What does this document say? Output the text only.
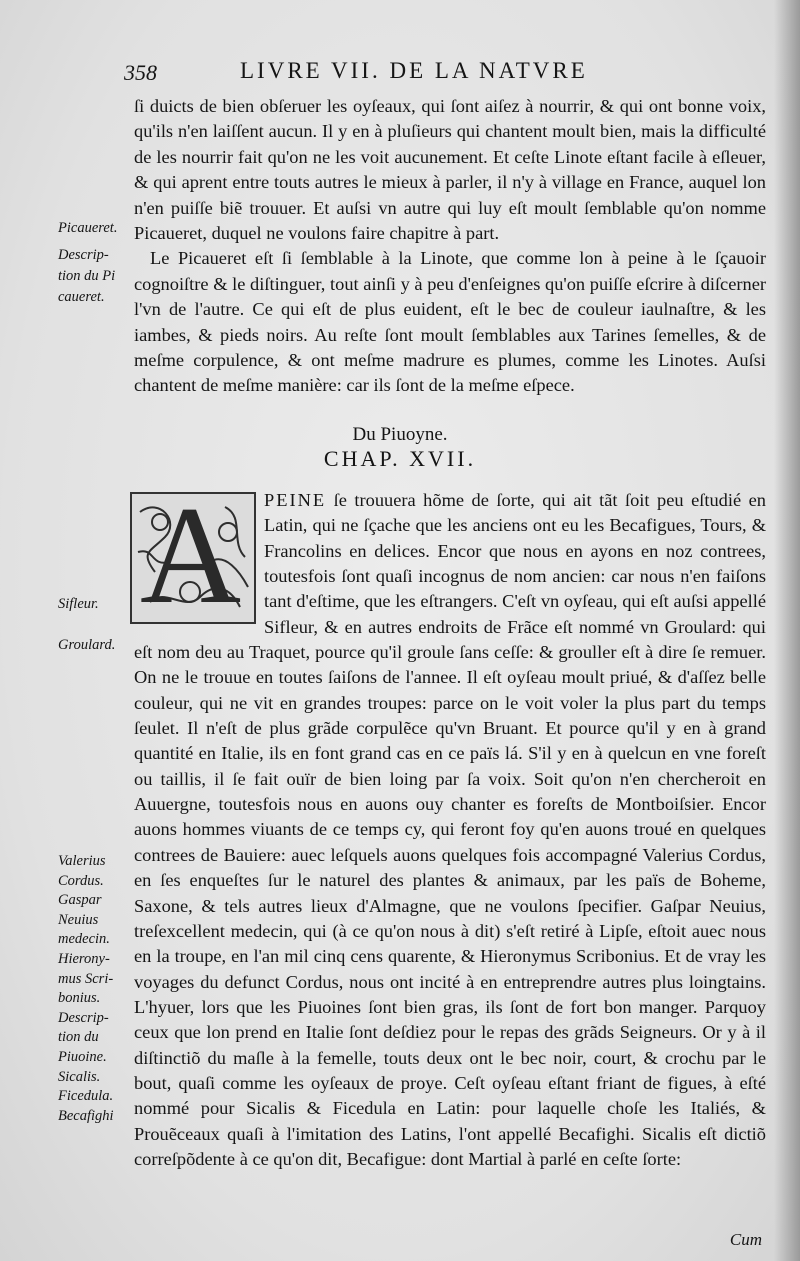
358	LIVRE VII. DE LA NATVRE

Picaueret.

Descrip-

tion du Pi

caueret.

Sifleur.

Groulard.

Valerius

Cordus.

Gaspar

Neuius

medecin.

Hierony-

mus Scri-

bonius.

Descrip-

tion du

Piuoine.

Sicalis.

Ficedula.

Becafighi

ſi duicts de bien obſeruer les oyſeaux, qui ſont aiſez à nourrir, & qui ont bonne voix, qu'ils n'en laiſſent aucun. Il y en à pluſieurs qui chantent moult bien, mais la difficulté de les nourrir fait qu'on ne les voit aucunement. Et ceſte Linote eſtant facile à eſleuer, & qui aprent entre touts autres le mieux à parler, il n'y à village en France, auquel lon n'en puiſſe biẽ trouuer. Et auſsi vn autre qui luy eſt moult ſemblable qu'on nomme Picaueret, duquel ne voulons faire chapitre à part.

Le Picaueret eſt ſi ſemblable à la Linote, que comme lon à peine à le ſçauoir cognoiſtre & le diſtinguer, tout ainſi y à peu d'enſeignes qu'on puiſſe eſcrire à diſcerner l'vn de l'autre. Ce qui eſt de plus euident, eſt le bec de couleur iaulnaſtre, & les iambes, & pieds noirs. Au reſte ſont moult ſemblables aux Tarines ſemelles, & de meſme corpulence, & ont meſme madrure es plumes, comme les Linotes. Auſsi chantent de meſme manière: car ils ſont de la meſme eſpece.

Du Piuoyne.
CHAP. XVII.
A PEINE ſe trouuera hõme de ſorte, qui ait tãt ſoit peu eſtudié en Latin, qui ne ſçache que les anciens ont eu les Becafigues, Tours, & Francolins en delices. Encor que nous en ayons en noz contrees, toutesfois ſont quaſi incognus de nom ancien: car nous n'en faiſons tant d'eſtime, que les eſtrangers. C'eſt vn oyſeau, qui eſt auſsi appellé Sifleur, & en autres endroits de Frãce eſt nommé vn Groulard: qui eſt nom deu au Traquet, pource qu'il groule ſans ceſſe: & grouller eſt à dire ſe remuer. On ne le trouue en toutes ſaiſons de l'annee. Il eſt oyſeau moult priué, & d'aſſez belle couleur, qui ne vit en grandes troupes: parce on le voit voler la plus part du temps ſeulet. Il n'eſt de plus grãde corpulẽce qu'vn Bruant. Et pource qu'il y en à grand quantité en Italie, ils en font grand cas en ce païs lá. S'il y en à quelcun en vne foreſt ou taillis, il ſe fait ouïr de bien loing par ſa voix. Soit qu'on n'en chercheroit en Auuergne, toutesfois nous en auons ouy chanter es foreſts de Montboiſsier. Encor auons hommes viuants de ce temps cy, qui feront foy qu'en auons troué en quelques contrees de Bauiere: auec leſquels auons quelques fois accompagné Valerius Cordus, en ſes enqueſtes ſur le naturel des plantes & animaux, par les païs de Boheme, Saxone, & tels autres lieux d'Almagne, que ne voulons ſpecifier. Gaſpar Neuius, treſexcellent medecin, qui (à ce qu'on nous à dit) s'eſt retiré à Lipſe, eſtoit auec nous en la troupe, en l'an mil cinq cens quarente, & Hieronymus Scribonius. Et de vray les voyages du defunct Cordus, nous ont incité à en entreprendre autres plus loingtains. L'hyuer, lors que les Piuoines ſont bien gras, ils ſont de fort bon manger. Parquoy ceux que lon prend en Italie ſont deſdiez pour le repas des grãds Seigneurs. Or y à il diſtinctiõ du maſle à la femelle, touts deux ont le bec noir, court, & crochu par le bout, quaſi comme les oyſeaux de proye. Ceſt oyſeau eſtant friant de figues, à eſté nommé pour Sicalis & Ficedula en Latin: pour laquelle choſe les Italiés, & Prouẽceaux quaſi à l'imitation des Latins, l'ont appellé Becafighi. Sicalis eſt dictiõ correſpõdente à ce qu'on dit, Becafigue: dont Martial à parlé en ceſte ſorte:
Cum
